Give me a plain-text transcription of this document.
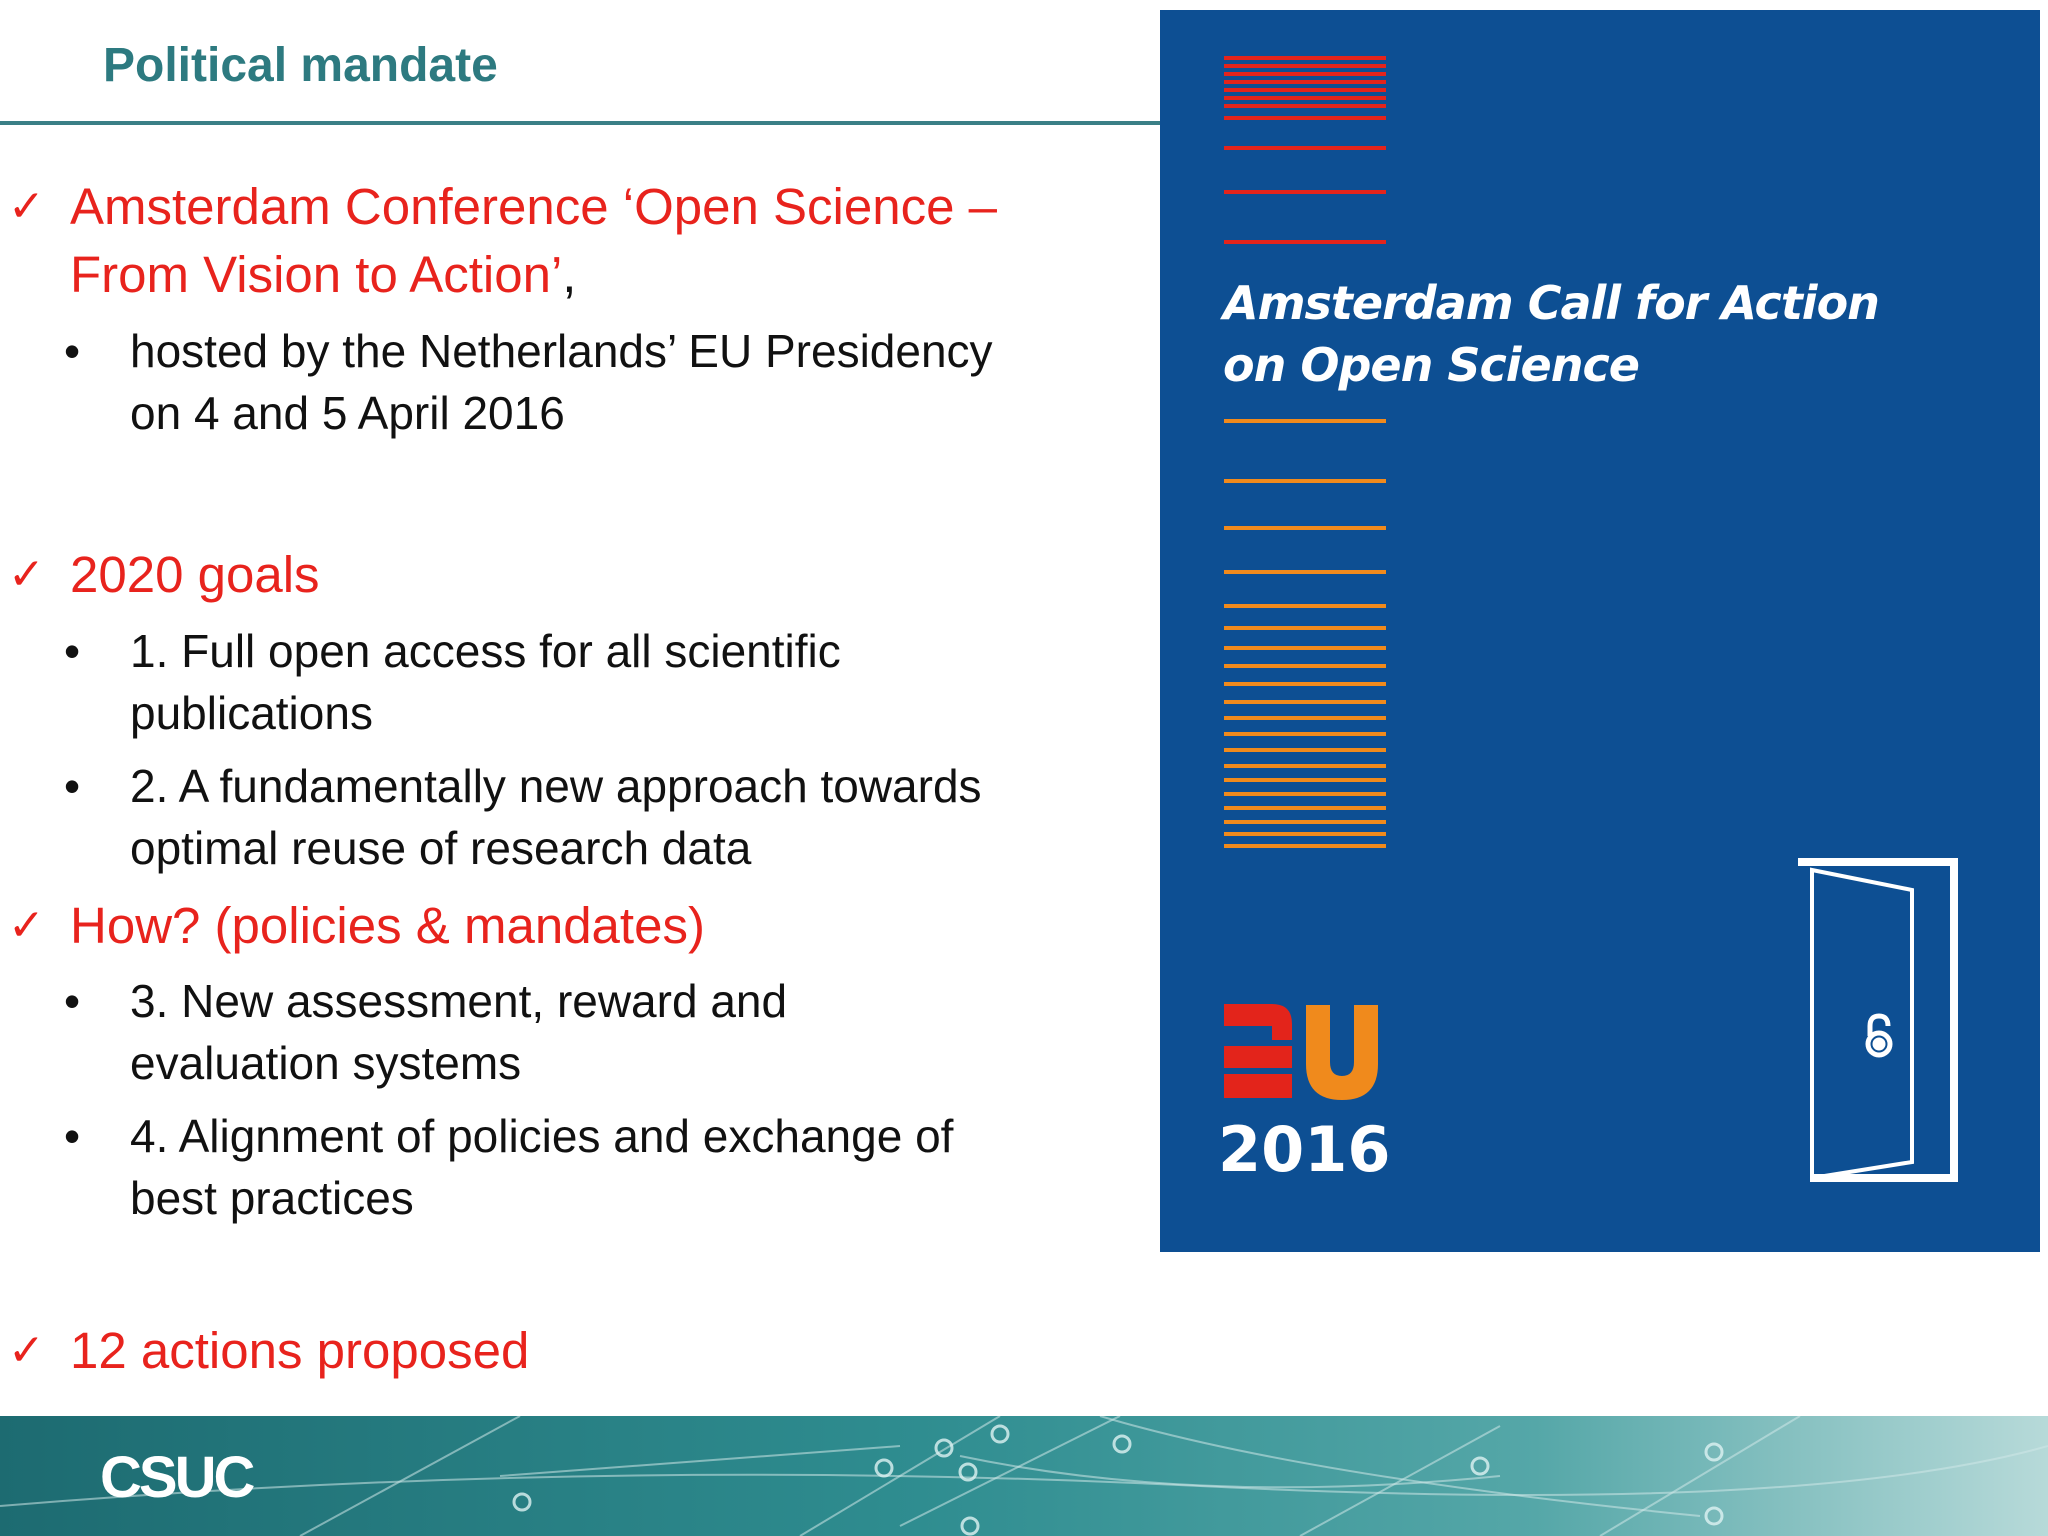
Political mandate
✓ Amsterdam Conference ‘Open Science –
From Vision to Action’,
• hosted by the Netherlands’ EU Presidency
on 4 and 5 April 2016
✓ 2020 goals
• 1. Full open access for all scientific
publications
• 2. A fundamentally new approach towards
optimal reuse of research data
✓ How? (policies & mandates)
• 3. New assessment, reward and
evaluation systems
• 4. Alignment of policies and exchange of
best practices
✓ 12 actions proposed
Amsterdam Call for Action
on Open Science
2016
CSUC
